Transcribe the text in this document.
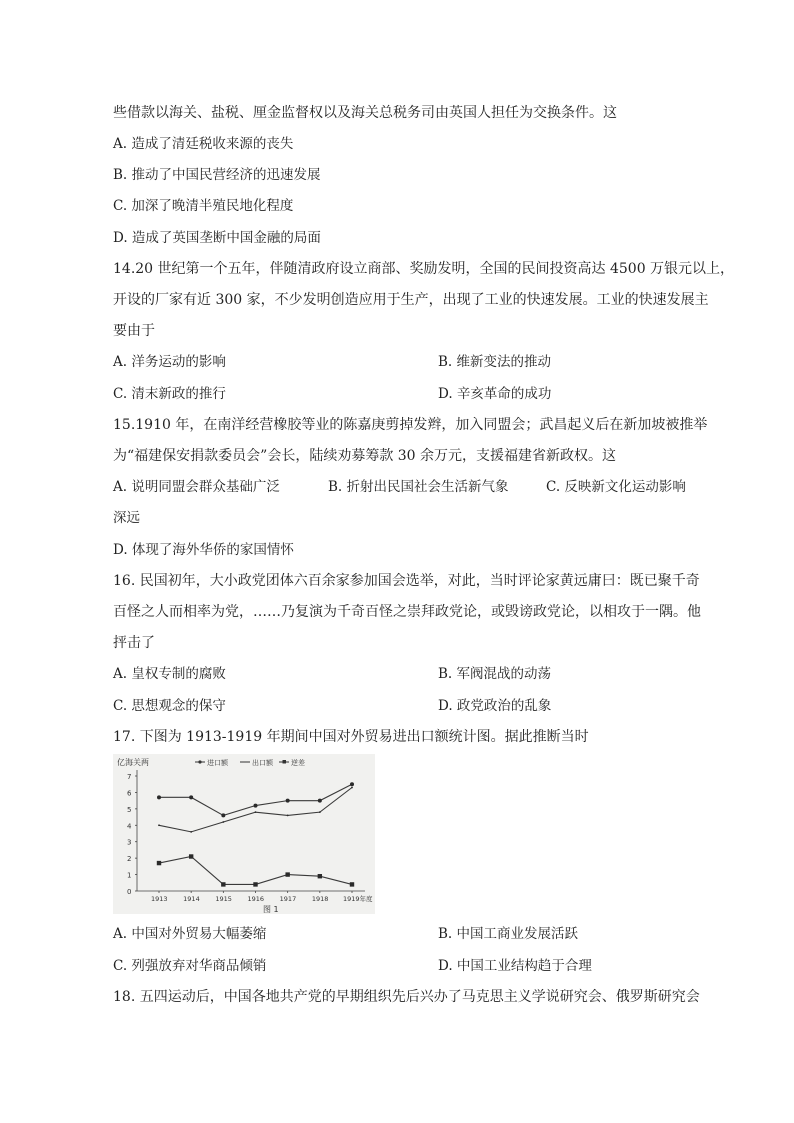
些借款以海关、盐税、厘金监督权以及海关总税务司由英国人担任为交换条件。这
A. 造成了清廷税收来源的丧失
B. 推动了中国民营经济的迅速发展
C. 加深了晚清半殖民地化程度
D. 造成了英国垄断中国金融的局面
14.20 世纪第一个五年，伴随清政府设立商部、奖励发明，全国的民间投资高达 4500 万银元以上，
开设的厂家有近 300 家，不少发明创造应用于生产，出现了工业的快速发展。工业的快速发展主
要由于
A. 洋务运动的影响	B. 维新变法的推动
C. 清末新政的推行	D. 辛亥革命的成功
15.1910 年，在南洋经营橡胶等业的陈嘉庚剪掉发辫，加入同盟会；武昌起义后在新加坡被推举
为“福建保安捐款委员会”会长，陆续劝募筹款 30 余万元，支援福建省新政权。这
A. 说明同盟会群众基础广泛	B. 折射出民国社会生活新气象	C. 反映新文化运动影响
深远
D. 体现了海外华侨的家国情怀
16. 民国初年，大小政党团体六百余家参加国会选举，对此，当时评论家黄远庸曰：既已聚千奇
百怪之人而相率为党，……乃复演为千奇百怪之崇拜政党论，或毁谤政党论，以相攻于一隅。他
抨击了
A. 皇权专制的腐败	B. 军阀混战的动荡
C. 思想观念的保守	D. 政党政治的乱象
17. 下图为 1913-1919 年期间中国对外贸易进出口额统计图。据此推断当时
亿海关两	进口额	出口额	逆差
0
1
2
3
4
5
6
7
1913 1914 1915 1916 1917 1918 1919年度
图 1
A. 中国对外贸易大幅萎缩	B. 中国工商业发展活跃
C. 列强放弃对华商品倾销	D. 中国工业结构趋于合理
18. 五四运动后，中国各地共产党的早期组织先后兴办了马克思主义学说研究会、俄罗斯研究会
